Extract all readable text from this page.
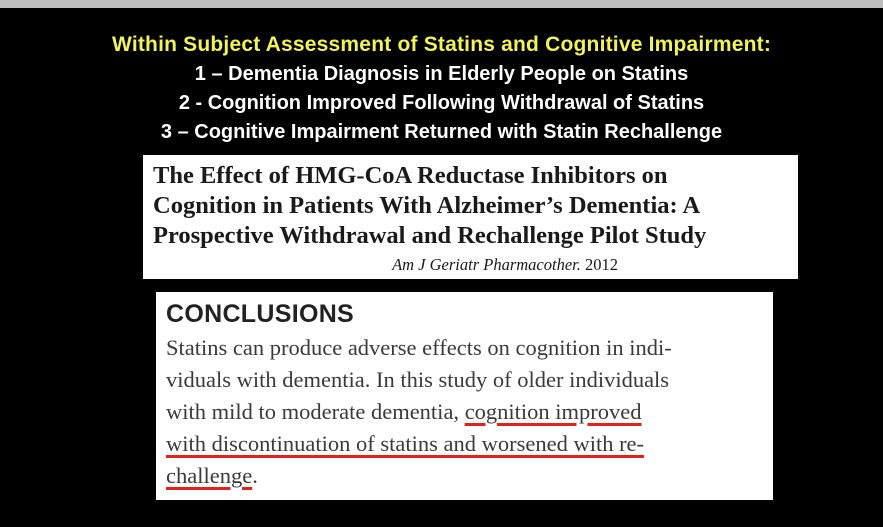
Within Subject Assessment of Statins and Cognitive Impairment:
1 – Dementia Diagnosis in Elderly People on Statins
2 - Cognition Improved Following Withdrawal of Statins
3 – Cognitive Impairment Returned with Statin Rechallenge
The Effect of HMG-CoA Reductase Inhibitors on
Cognition in Patients With Alzheimer’s Dementia: A
Prospective Withdrawal and Rechallenge Pilot Study
Am J Geriatr Pharmacother. 2012
CONCLUSIONS
Statins can produce adverse effects on cognition in indi-
viduals with dementia. In this study of older individuals
with mild to moderate dementia, cognition improved
with discontinuation of statins and worsened with re-
challenge.
